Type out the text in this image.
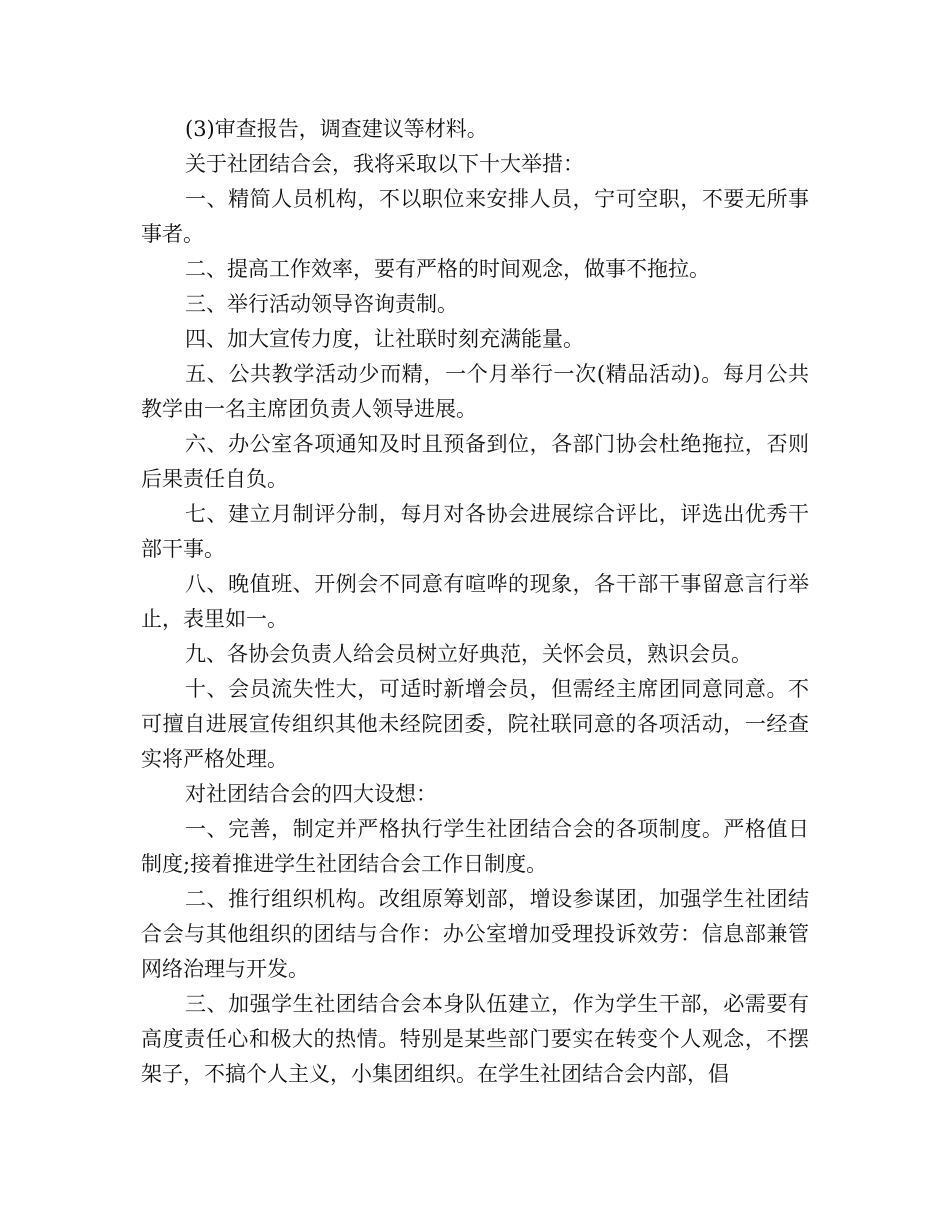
(3)审查报告，调查建议等材料。

关于社团结合会，我将采取以下十大举措：

一、精简人员机构，不以职位来安排人员，宁可空职，不要无所事事者。

二、提高工作效率，要有严格的时间观念，做事不拖拉。

三、举行活动领导咨询责制。

四、加大宣传力度，让社联时刻充满能量。

五、公共教学活动少而精，一个月举行一次(精品活动)。每月公共教学由一名主席团负责人领导进展。

六、办公室各项通知及时且预备到位，各部门协会杜绝拖拉，否则后果责任自负。

七、建立月制评分制，每月对各协会进展综合评比，评选出优秀干部干事。

八、晚值班、开例会不同意有喧哗的现象，各干部干事留意言行举止，表里如一。

九、各协会负责人给会员树立好典范，关怀会员，熟识会员。

十、会员流失性大，可适时新增会员，但需经主席团同意同意。不可擅自进展宣传组织其他未经院团委，院社联同意的各项活动，一经查实将严格处理。

对社团结合会的四大设想：

一、完善，制定并严格执行学生社团结合会的各项制度。严格值日制度;接着推进学生社团结合会工作日制度。

二、推行组织机构。改组原筹划部，增设参谋团，加强学生社团结合会与其他组织的团结与合作：办公室增加受理投诉效劳：信息部兼管网络治理与开发。

三、加强学生社团结合会本身队伍建立，作为学生干部，必需要有高度责任心和极大的热情。特别是某些部门要实在转变个人观念，不摆架子，不搞个人主义，小集团组织。在学生社团结合会内部，倡
